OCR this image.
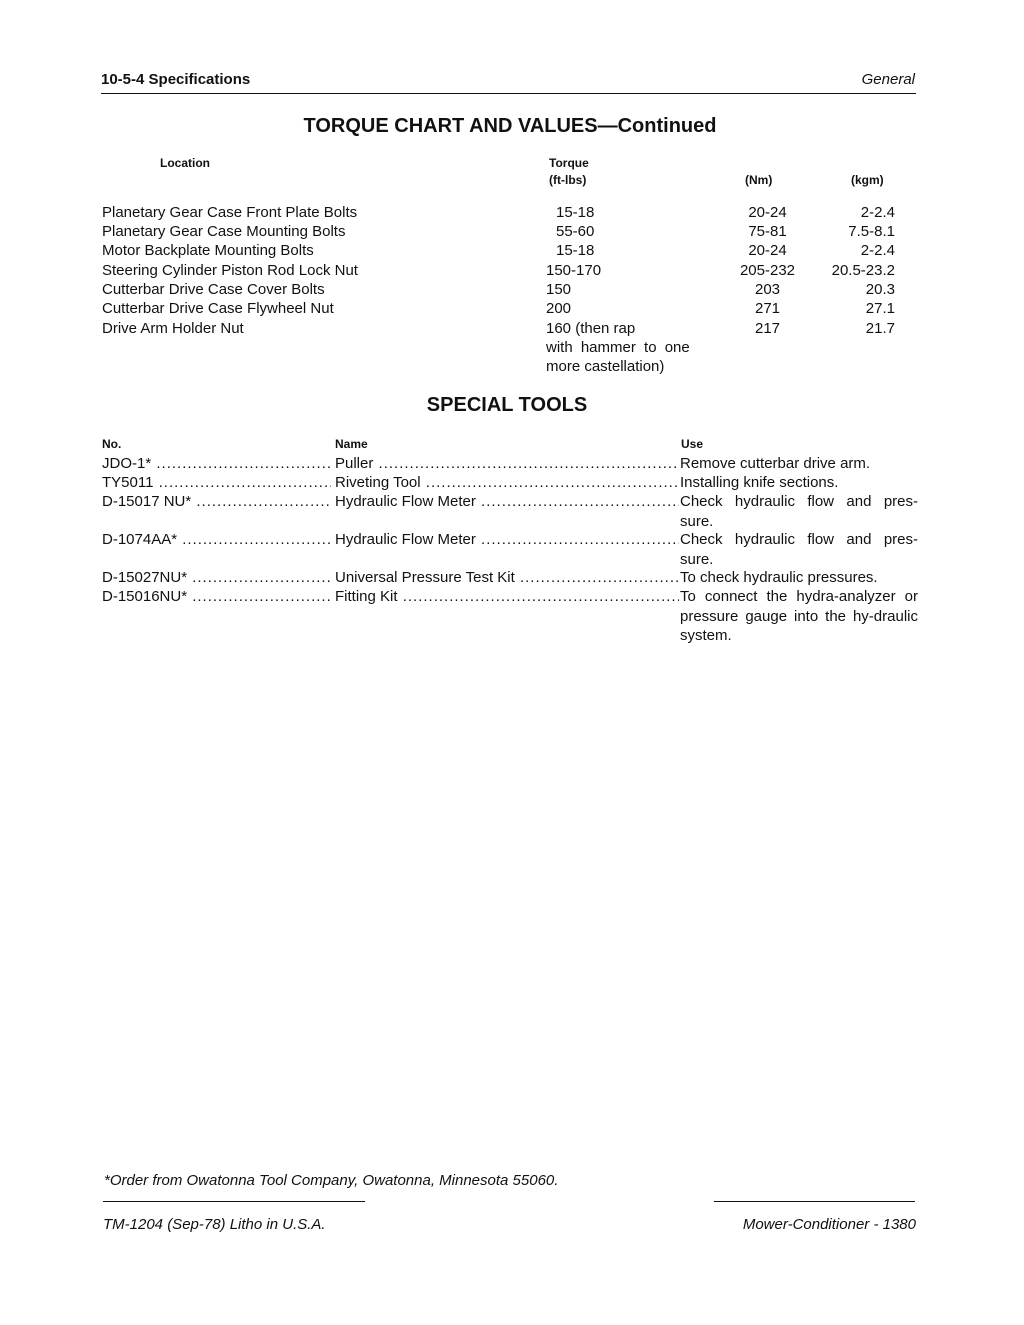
10-5-4 Specifications	General
TORQUE CHART AND VALUES—Continued
Location	Torque
(ft-lbs)	(Nm)	(kgm)
Planetary Gear Case Front Plate Bolts	15-18	20-24	2-2.4
Planetary Gear Case Mounting Bolts	55-60	75-81	7.5-8.1
Motor Backplate Mounting Bolts	15-18	20-24	2-2.4
Steering Cylinder Piston Rod Lock Nut	150-170	205-232	20.5-23.2
Cutterbar Drive Case Cover Bolts	150	203	20.3
Cutterbar Drive Case Flywheel Nut	200	271	27.1
Drive Arm Holder Nut	160 (then rap	217	21.7
with hammer to one
more castellation)
SPECIAL TOOLS
No.	Name	Use
JDO-1* .....	Puller .....	Remove cutterbar drive arm.
TY5011 .....	Riveting Tool .....	Installing knife sections.
D-15017 NU* .....	Hydraulic Flow Meter .....	Check hydraulic flow and pres-sure.
D-1074AA* .....	Hydraulic Flow Meter .....	Check hydraulic flow and pres-sure.
D-15027NU* .....	Universal Pressure Test Kit .....	To check hydraulic pressures.
D-15016NU* .....	Fitting Kit .....	To connect the hydra-analyzer or pressure gauge into the hy-draulic system.
*Order from Owatonna Tool Company, Owatonna, Minnesota 55060.
TM-1204 (Sep-78) Litho in U.S.A.	Mower-Conditioner - 1380
